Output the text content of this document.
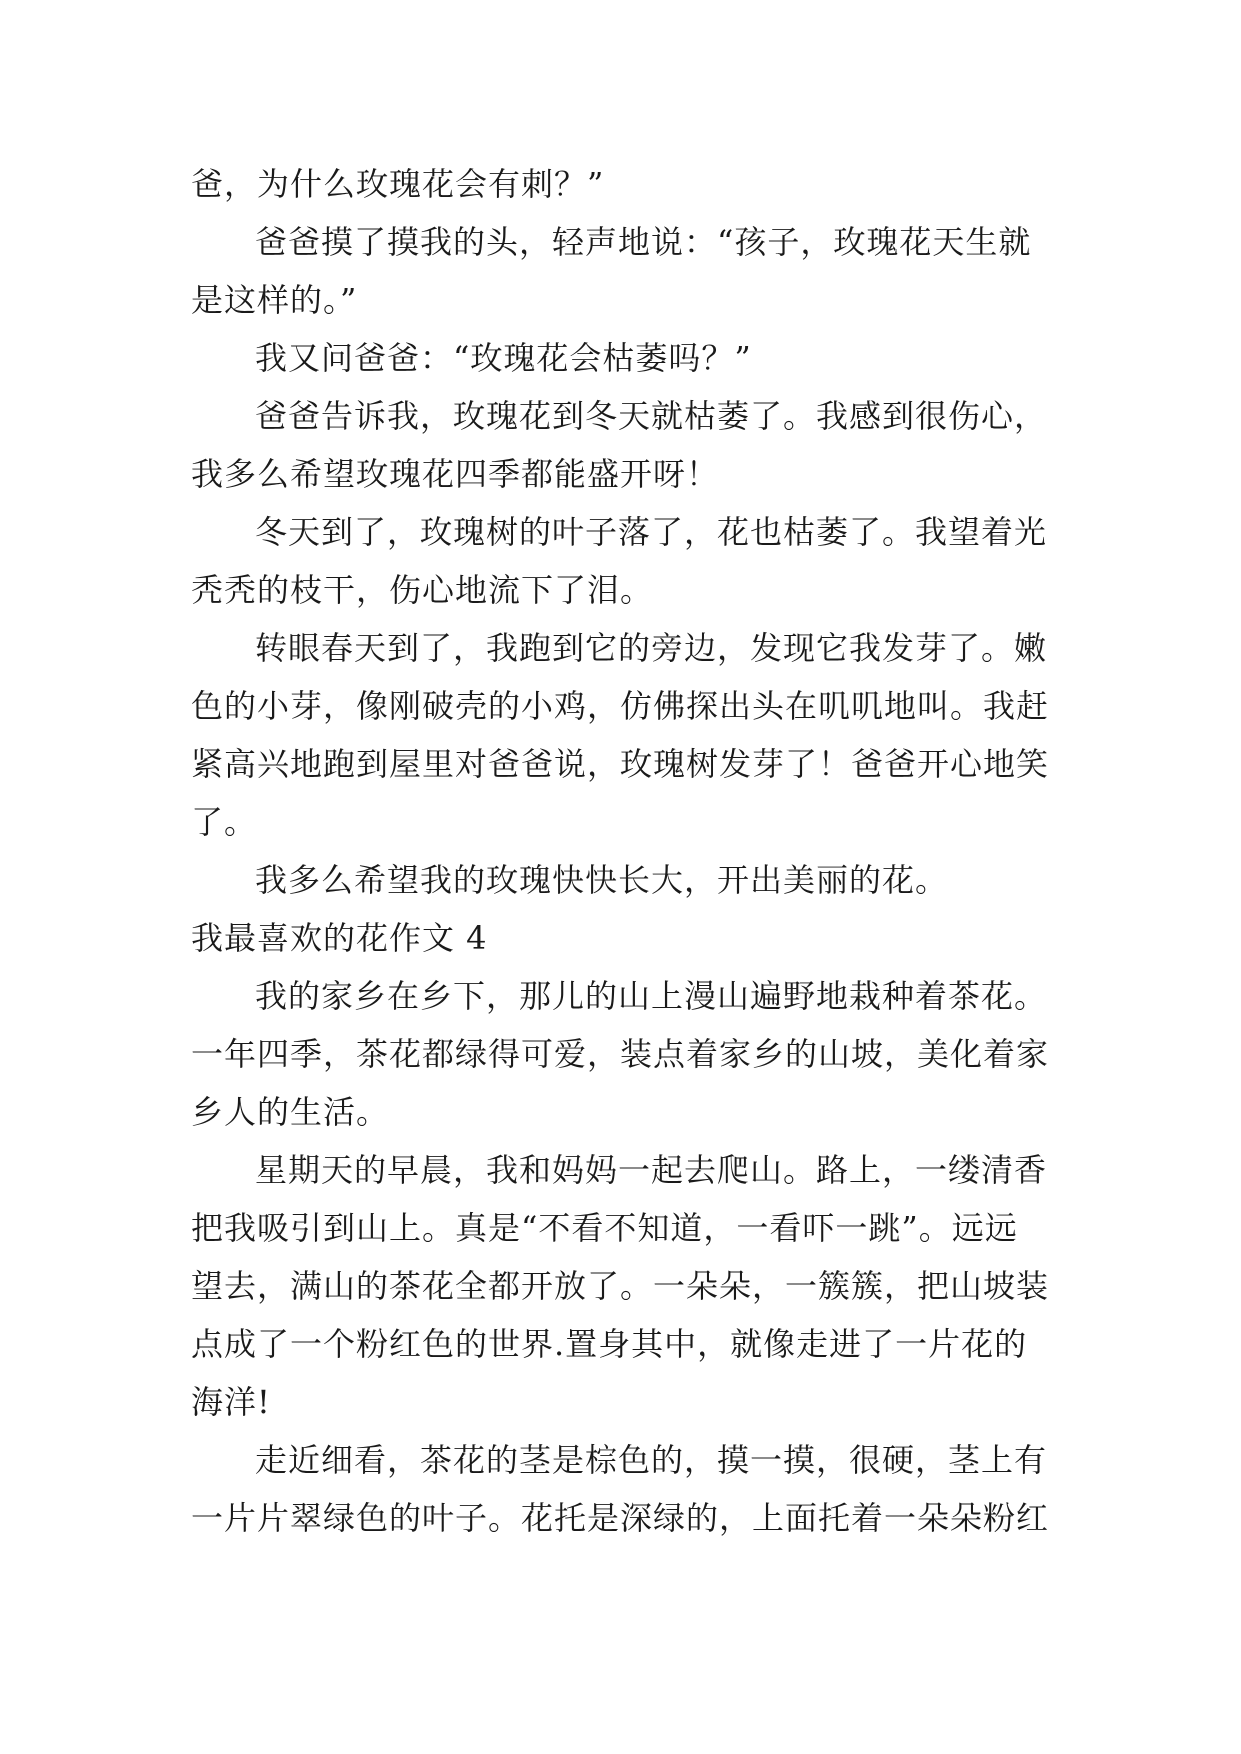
爸，为什么玫瑰花会有刺？”
爸爸摸了摸我的头，轻声地说：“孩子，玫瑰花天生就
是这样的。”
我又问爸爸：“玫瑰花会枯萎吗？”
爸爸告诉我，玫瑰花到冬天就枯萎了。我感到很伤心，
我多么希望玫瑰花四季都能盛开呀！
冬天到了，玫瑰树的叶子落了，花也枯萎了。我望着光
秃秃的枝干，伤心地流下了泪。
转眼春天到了，我跑到它的旁边，发现它我发芽了。嫩
色的小芽，像刚破壳的小鸡，仿佛探出头在叽叽地叫。我赶
紧高兴地跑到屋里对爸爸说，玫瑰树发芽了！爸爸开心地笑
了。
我多么希望我的玫瑰快快长大，开出美丽的花。
我最喜欢的花作文 4
我的家乡在乡下，那儿的山上漫山遍野地栽种着茶花。
一年四季，茶花都绿得可爱，装点着家乡的山坡，美化着家
乡人的生活。
星期天的早晨，我和妈妈一起去爬山。路上，一缕清香
把我吸引到山上。真是“不看不知道，一看吓一跳”。远远
望去，满山的茶花全都开放了。一朵朵，一簇簇，把山坡装
点成了一个粉红色的世界.置身其中，就像走进了一片花的
海洋!
走近细看，茶花的茎是棕色的，摸一摸，很硬，茎上有
一片片翠绿色的叶子。花托是深绿的，上面托着一朵朵粉红
